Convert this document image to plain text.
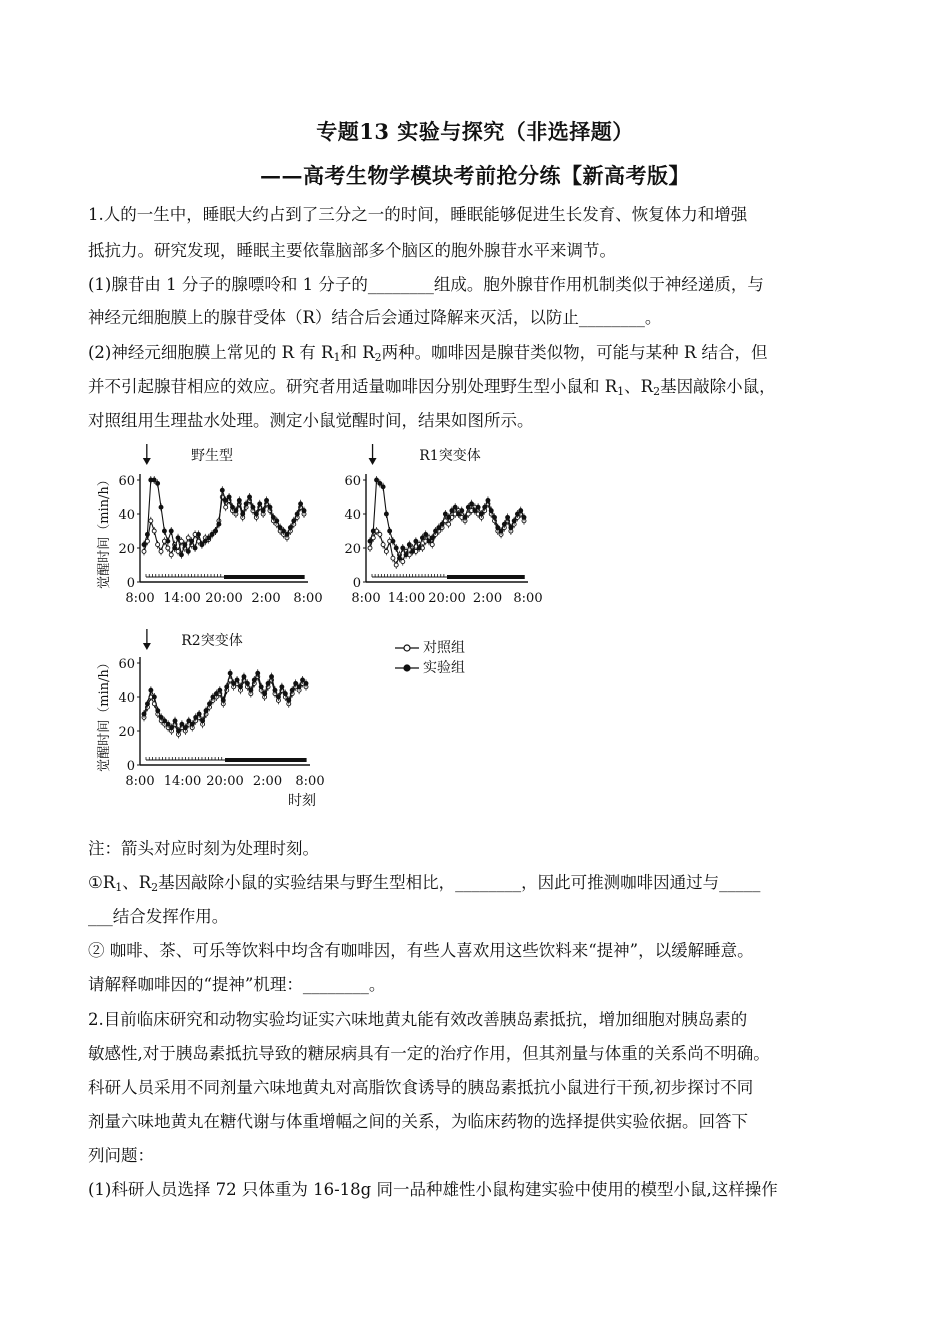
专题13 实验与探究（非选择题）
——高考生物学模块考前抢分练【新高考版】
1.人的一生中，睡眠大约占到了三分之一的时间，睡眠能够促进生长发育、恢复体力和增强
抵抗力。研究发现，睡眠主要依靠脑部多个脑区的胞外腺苷水平来调节。
(1)腺苷由 1 分子的腺嘌呤和 1 分子的________组成。胞外腺苷作用机制类似于神经递质，与
神经元细胞膜上的腺苷受体（R）结合后会通过降解来灭活，以防止________。
(2)神经元细胞膜上常见的 R 有 $R_1$和 $R_2$两种。咖啡因是腺苷类似物，可能与某种 R 结合，但
并不引起腺苷相应的效应。研究者用适量咖啡因分别处理野生型小鼠和 $R_1$、$R_2$基因敲除小鼠，
对照组用生理盐水处理。测定小鼠觉醒时间，结果如图所示。
野生型
0
20
40
60
觉醒时间（min/h）
8:00 14:00 20:00 2:00 8:00
R1突变体
0
20
40
60
8:00 14:00 20:00 2:00 8:00
R2突变体
0
20
40
60
觉醒时间（min/h）
8:00 14:00 20:00 2:00 8:00
时刻
对照组
实验组
注：箭头对应时刻为处理时刻。
$①R_1$、$R_2$基因敲除小鼠的实验结果与野生型相比，________，因此可推测咖啡因通过与_____
___结合发挥作用。
② 咖啡、茶、可乐等饮料中均含有咖啡因，有些人喜欢用这些饮料来“提神”，以缓解睡意。
请解释咖啡因的“提神”机理：________。
2.目前临床研究和动物实验均证实六味地黄丸能有效改善胰岛素抵抗，增加细胞对胰岛素的
敏感性,对于胰岛素抵抗导致的糖尿病具有一定的治疗作用，但其剂量与体重的关系尚不明确。
科研人员采用不同剂量六味地黄丸对高脂饮食诱导的胰岛素抵抗小鼠进行干预,初步探讨不同
剂量六味地黄丸在糖代谢与体重增幅之间的关系，为临床药物的选择提供实验依据。回答下
列问题：
(1)科研人员选择 72 只体重为 16-18g 同一品种雄性小鼠构建实验中使用的模型小鼠,这样操作
